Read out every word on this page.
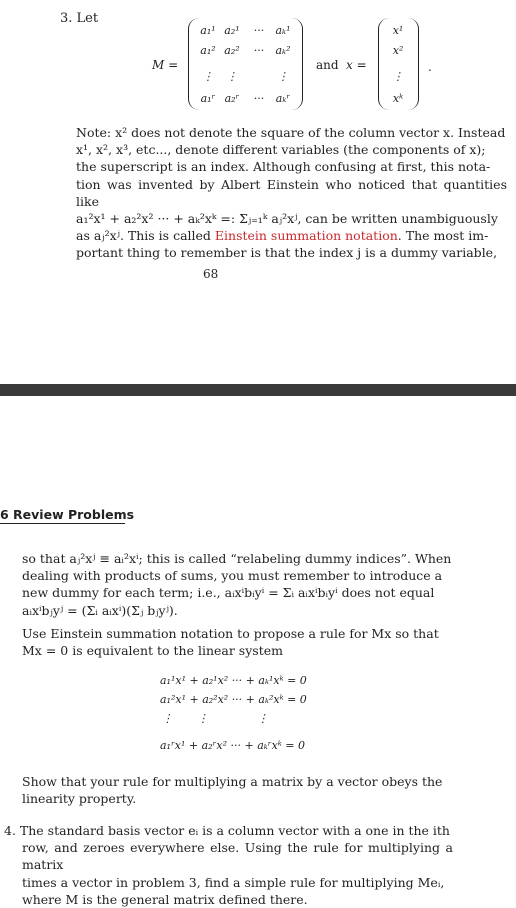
3. Let
M =
a₁¹ a₂¹	···	aₖ¹
a₁² a₂²	···	aₖ²
⋮	⋮	⋮
a₁ʳ a₂ʳ	···	aₖʳ
and x =
x¹
x²
⋮
xᵏ
.
Note: x² does not denote the square of the column vector x. Instead
x¹, x², x³, etc..., denote different variables (the components of x);
the superscript is an index. Although confusing at first, this nota-
tion was invented by Albert Einstein who noticed that quantities like
a₁²x¹ + a₂²x² ··· + aₖ²xᵏ =: Σⱼ₌₁ᵏ aⱼ²xʲ, can be written unambiguously
as aⱼ²xʲ. This is called Einstein summation notation. The most im-
portant thing to remember is that the index j is a dummy variable,
68
6 Review Problems
so that aⱼ²xʲ ≡ aᵢ²xⁱ; this is called “relabeling dummy indices”. When
dealing with products of sums, you must remember to introduce a
new dummy for each term; i.e., aᵢxⁱbᵢyⁱ = Σᵢ aᵢxⁱbᵢyⁱ does not equal
aᵢxⁱbⱼyʲ = (Σᵢ aᵢxⁱ)(Σⱼ bⱼyʲ).
Use Einstein summation notation to propose a rule for Mx so that
Mx = 0 is equivalent to the linear system
a₁¹x¹ + a₂¹x² ··· + aₖ¹xᵏ = 0
a₁²x¹ + a₂²x² ··· + aₖ²xᵏ = 0
⋮       ⋮              ⋮
a₁ʳx¹ + a₂ʳx² ··· + aₖʳxᵏ = 0
Show that your rule for multiplying a matrix by a vector obeys the
linearity property.
4. The standard basis vector eᵢ is a column vector with a one in the ith
row, and zeroes everywhere else. Using the rule for multiplying a matrix
times a vector in problem 3, find a simple rule for multiplying Meᵢ,
where M is the general matrix defined there.
